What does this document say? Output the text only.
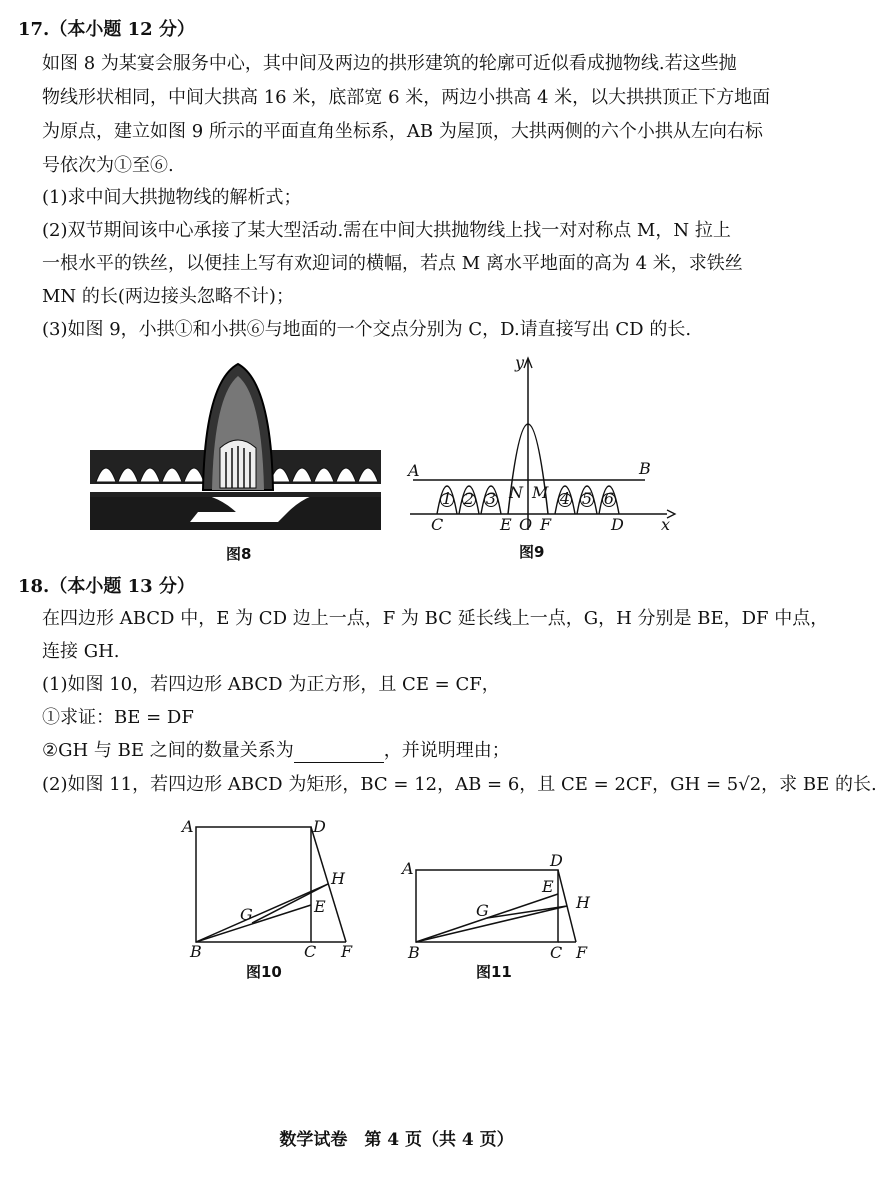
17.（本小题 12 分）
如图 8 为某宴会服务中心，其中间及两边的拱形建筑的轮廓可近似看成抛物线.若这些抛
物线形状相同，中间大拱高 16 米，底部宽 6 米，两边小拱高 4 米，以大拱拱顶正下方地面
为原点，建立如图 9 所示的平面直角坐标系，AB 为屋顶，大拱两侧的六个小拱从左向右标
号依次为①至⑥.
(1)求中间大拱抛物线的解析式；
(2)双节期间该中心承接了某大型活动.需在中间大拱抛物线上找一对对称点 M，N 拉上
一根水平的铁丝，以便挂上写有欢迎词的横幅，若点 M 离水平地面的高为 4 米，求铁丝
MN 的长(两边接头忽略不计)；
(3)如图 9，小拱①和小拱⑥与地面的一个交点分别为 C，D.请直接写出 CD 的长.
图8
1 2 3	4 5 6
y
x
A	B
N M
C	E O F	D
图9
18.（本小题 13 分）
在四边形 ABCD 中，E 为 CD 边上一点，F 为 BC 延长线上一点，G，H 分别是 BE，DF 中点，
连接 GH.
(1)如图 10，若四边形 ABCD 为正方形，且 CE = CF，
①求证：BE = DF
②GH 与 BE 之间的数量关系为	，并说明理由；
(2)如图 11，若四边形 ABCD 为矩形，BC = 12，AB = 6，且 CE = 2CF，GH = 5√2，求 BE 的长.
A	D
H
E
G
B	C F
图10
A	D
E
H
G
B	C F
图11
数学试卷　第 4 页（共 4 页）
